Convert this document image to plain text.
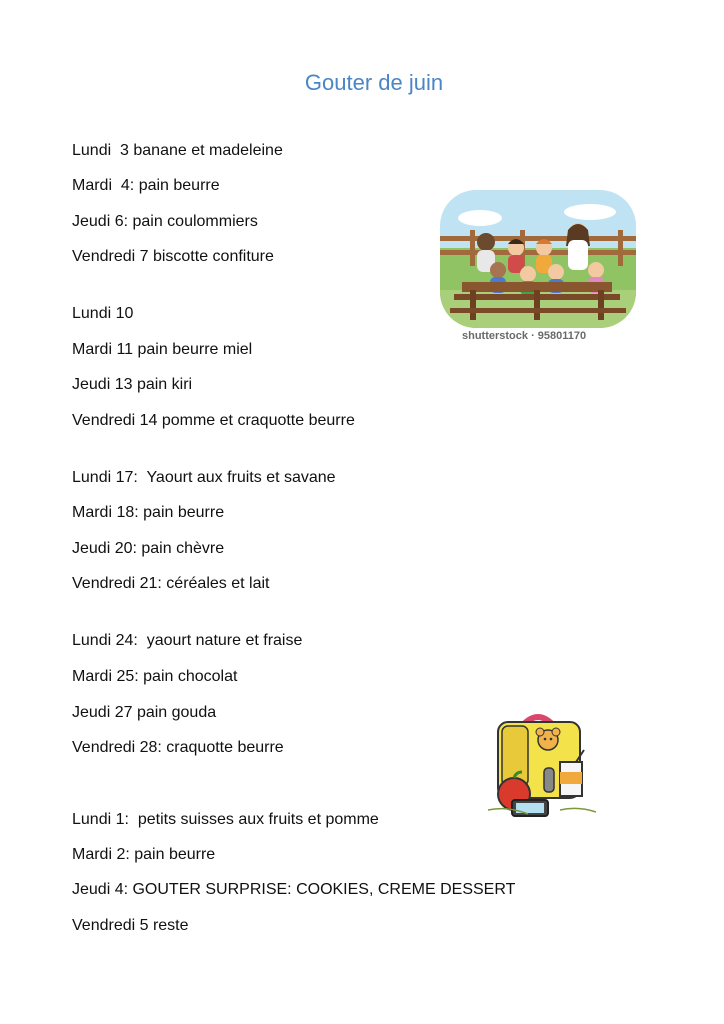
Gouter de juin
Lundi  3 banane et madeleine
Mardi  4: pain beurre
Jeudi 6: pain coulommiers
Vendredi 7 biscotte confiture
Lundi 10
Mardi 11 pain beurre miel
Jeudi 13 pain kiri
Vendredi 14 pomme et craquotte beurre
Lundi 17:  Yaourt aux fruits et savane
Mardi 18: pain beurre
Jeudi 20: pain chèvre
Vendredi 21: céréales et lait
Lundi 24:  yaourt nature et fraise
Mardi 25: pain chocolat
Jeudi 27 pain gouda
Vendredi 28: craquotte beurre
Lundi 1:  petits suisses aux fruits et pomme
Mardi 2: pain beurre
Jeudi 4: GOUTER SURPRISE: COOKIES, CREME DESSERT
Vendredi 5 reste
shutterstock · 95801170
